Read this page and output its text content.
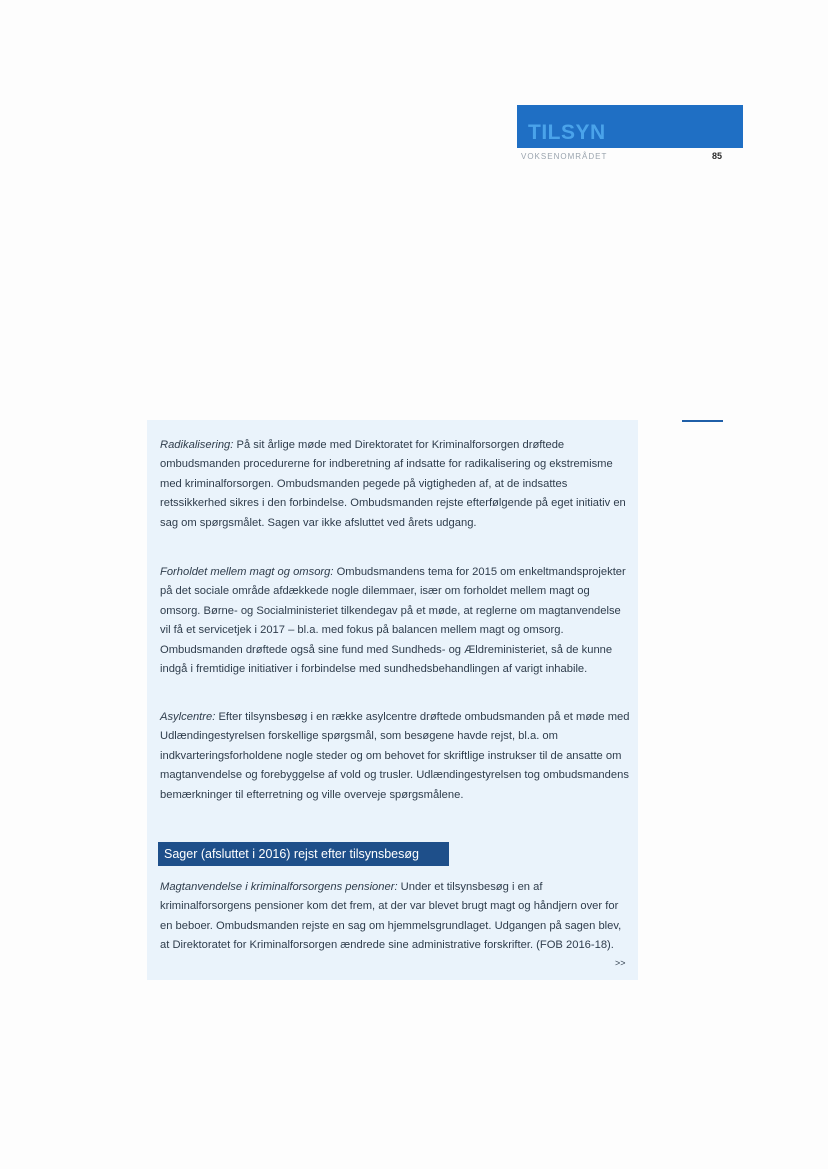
TILSYN
VOKSENOMRÅDET	85
Radikalisering: På sit årlige møde med Direktoratet for Kriminalforsorgen drøftede ombudsmanden procedurerne for indberetning af indsatte for radikalisering og ekstremisme med kriminalforsorgen. Ombudsmanden pegede på vigtigheden af, at de indsattes retssikkerhed sikres i den forbindelse. Ombudsmanden rejste efterfølgende på eget initiativ en sag om spørgsmålet. Sagen var ikke afsluttet ved årets udgang.
Forholdet mellem magt og omsorg: Ombudsmandens tema for 2015 om enkeltmandsprojekter på det sociale område afdækkede nogle dilemmaer, især om forholdet mellem magt og omsorg. Børne- og Socialministeriet tilkendegav på et møde, at reglerne om magtanvendelse vil få et servicetjek i 2017 – bl.a. med fokus på balancen mellem magt og omsorg. Ombudsmanden drøftede også sine fund med Sundheds- og Ældreministeriet, så de kunne indgå i fremtidige initiativer i forbindelse med sundhedsbehandlingen af varigt inhabile.
Asylcentre: Efter tilsynsbesøg i en række asylcentre drøftede ombudsmanden på et møde med Udlændingestyrelsen forskellige spørgsmål, som besøgene havde rejst, bl.a. om indkvarteringsforholdene nogle steder og om behovet for skriftlige instrukser til de ansatte om magtanvendelse og forebyggelse af vold og trusler. Udlændingestyrelsen tog ombudsmandens bemærkninger til efterretning og ville overveje spørgsmålene.
Sager (afsluttet i 2016) rejst efter tilsynsbesøg
Magtanvendelse i kriminalforsorgens pensioner: Under et tilsynsbesøg i en af kriminalforsorgens pensioner kom det frem, at der var blevet brugt magt og håndjern over for en beboer. Ombudsmanden rejste en sag om hjemmelsgrundlaget. Udgangen på sagen blev, at Direktoratet for Kriminalforsorgen ændrede sine administrative forskrifter. (FOB 2016-18).
>>
